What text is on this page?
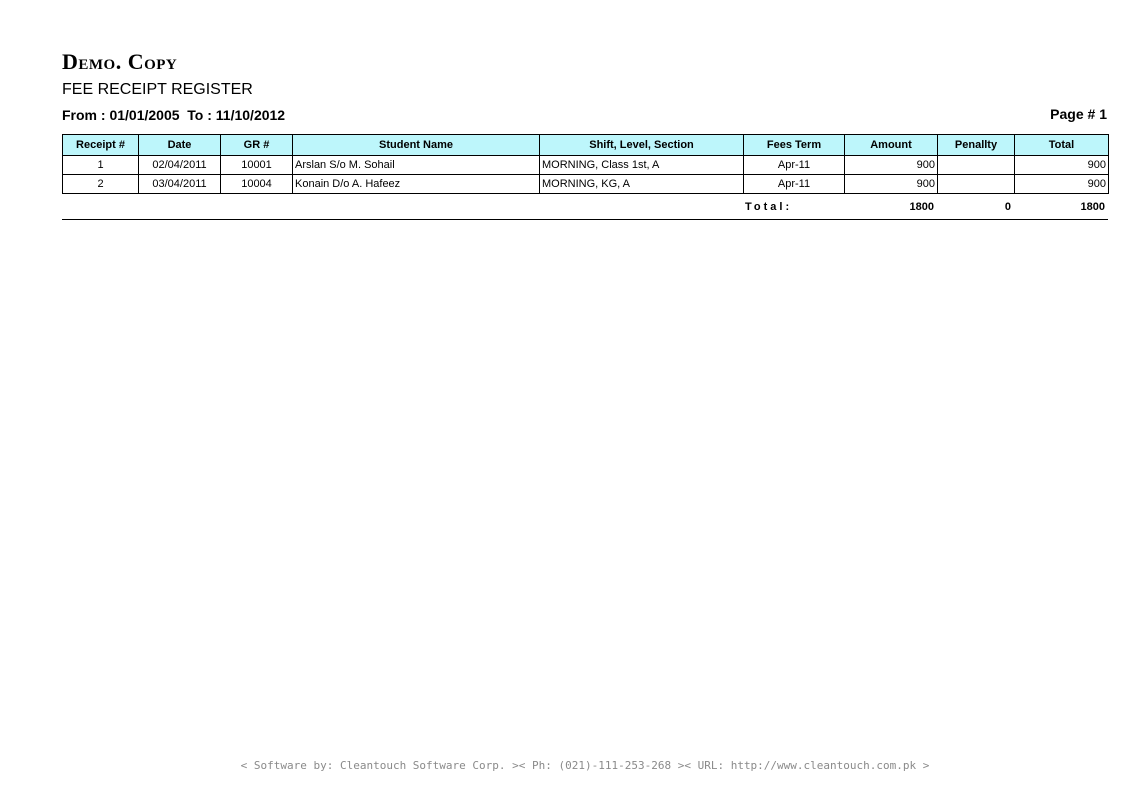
Demo. Copy
FEE RECEIPT REGISTER
From : 01/01/2005  To : 11/10/2012	Page # 1
Receipt #	Date	GR #	Student Name	Shift, Level, Section	Fees Term	Amount	Penallty	Total
1	02/04/2011	10001	Arslan S/o M. Sohail	MORNING, Class 1st, A	Apr-11	900		900
2	03/04/2011	10004	Konain D/o A. Hafeez	MORNING, KG, A	Apr-11	900		900
Total:	1800	0	1800
< Software by: Cleantouch Software Corp. >< Ph: (021)-111-253-268 >< URL: http://www.cleantouch.com.pk >
